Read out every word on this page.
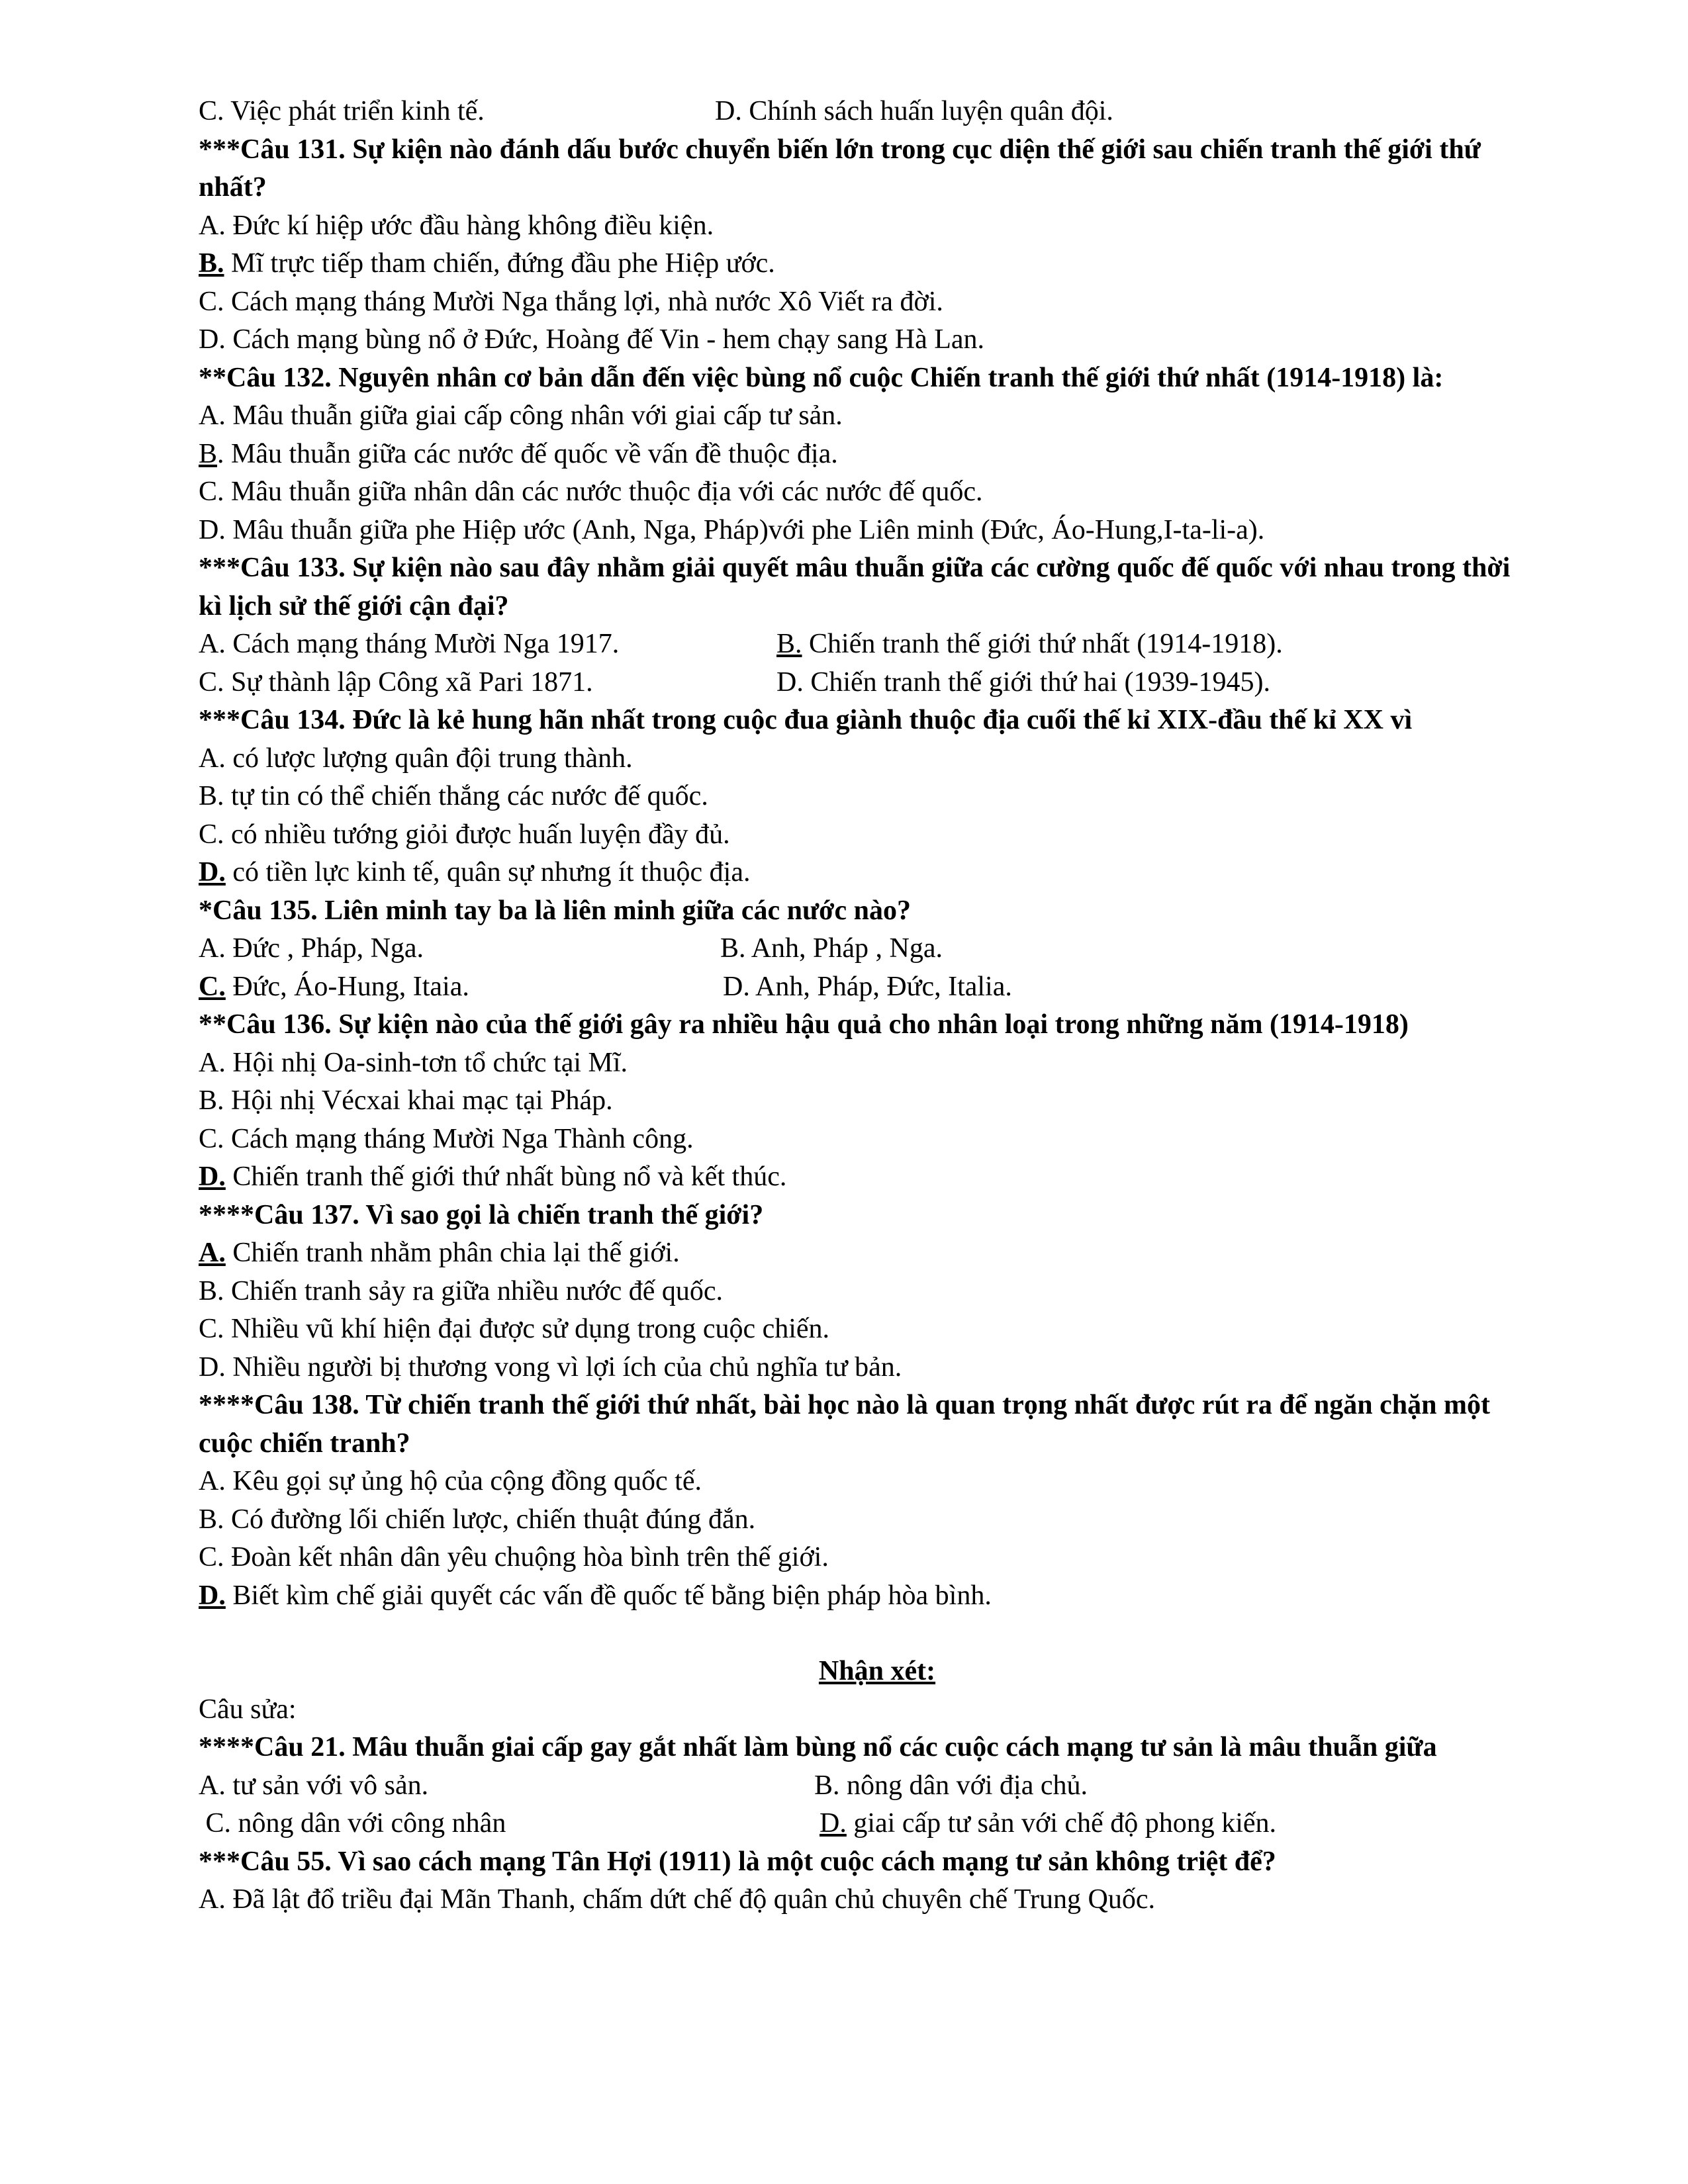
C. Việc phát triển kinh tế.	D. Chính sách huấn luyện quân đội.
***Câu 131. Sự kiện nào đánh dấu bước chuyển biến lớn trong cục diện thế giới sau chiến tranh thế giới thứ nhất?
A. Đức kí hiệp ước đầu hàng không điều kiện.
B. Mĩ trực tiếp tham chiến, đứng đầu phe Hiệp ước.
C. Cách mạng tháng Mười Nga thắng lợi, nhà nước Xô Viết ra đời.
D. Cách mạng bùng nổ ở Đức, Hoàng đế Vin - hem chạy sang Hà Lan.
**Câu 132. Nguyên nhân cơ bản dẫn đến việc bùng nổ cuộc Chiến tranh thế giới thứ nhất (1914-1918) là:
A. Mâu thuẫn giữa giai cấp công nhân với giai cấp tư sản.
B. Mâu thuẫn giữa các nước đế quốc về vấn đề thuộc địa.
C. Mâu thuẫn giữa nhân dân các nước thuộc địa với các nước đế quốc.
D. Mâu thuẫn giữa phe Hiệp ước (Anh, Nga, Pháp)với phe Liên minh (Đức, Áo-Hung,I-ta-li-a).
***Câu 133. Sự kiện nào sau đây nhằm giải quyết mâu thuẫn giữa các cường quốc đế quốc với nhau trong thời kì lịch sử thế giới cận đại?
A. Cách mạng tháng Mười Nga 1917.	B. Chiến tranh thế giới thứ nhất (1914-1918).
C. Sự thành lập Công xã Pari 1871.	D. Chiến tranh thế giới thứ hai (1939-1945).
***Câu 134. Đức là kẻ hung hãn nhất trong cuộc đua giành thuộc địa cuối thế kỉ XIX-đầu thế kỉ XX vì
A. có lược lượng quân đội trung thành.
B. tự tin có thể chiến thắng các nước đế quốc.
C. có nhiều tướng giỏi được huấn luyện đầy đủ.
D. có tiền lực kinh tế, quân sự nhưng ít thuộc địa.
*Câu 135. Liên minh tay ba là liên minh giữa các nước nào?
A. Đức , Pháp, Nga.	B. Anh, Pháp , Nga.
C. Đức, Áo-Hung, Itaia.	D. Anh, Pháp, Đức, Italia.
**Câu 136. Sự kiện nào của thế giới gây ra nhiều hậu quả cho nhân loại trong những năm (1914-1918)
A. Hội nhị Oa-sinh-tơn tổ chức tại Mĩ.
B. Hội nhị Vécxai khai mạc tại Pháp.
C. Cách mạng tháng Mười Nga Thành công.
D. Chiến tranh thế giới thứ nhất bùng nổ và kết thúc.
****Câu 137. Vì sao gọi là chiến tranh thế giới?
A. Chiến tranh nhằm phân chia lại thế giới.
B. Chiến tranh sảy ra giữa nhiều nước đế quốc.
C. Nhiều vũ khí hiện đại được sử dụng trong cuộc chiến.
D. Nhiều người bị thương vong vì lợi ích của chủ nghĩa tư bản.
****Câu 138. Từ chiến tranh thế giới thứ nhất, bài học nào là quan trọng nhất được rút ra để ngăn chặn một cuộc chiến tranh?
A. Kêu gọi sự ủng hộ của cộng đồng quốc tế.
B. Có đường lối chiến lược, chiến thuật đúng đắn.
C. Đoàn kết nhân dân yêu chuộng hòa bình trên thế giới.
D. Biết kìm chế giải quyết các vấn đề quốc tế bằng biện pháp hòa bình.
Nhận xét:
Câu sửa:
****Câu 21. Mâu thuẫn giai cấp gay gắt nhất làm bùng nổ các cuộc cách mạng tư sản là mâu thuẫn giữa
A. tư sản với vô sản.	B. nông dân với địa chủ.
C. nông dân với công nhân	D. giai cấp tư sản với chế độ phong kiến.
***Câu 55. Vì sao cách mạng Tân Hợi (1911) là một cuộc cách mạng tư sản không triệt để?
A. Đã lật đổ triều đại Mãn Thanh, chấm dứt chế độ quân chủ chuyên chế Trung Quốc.
